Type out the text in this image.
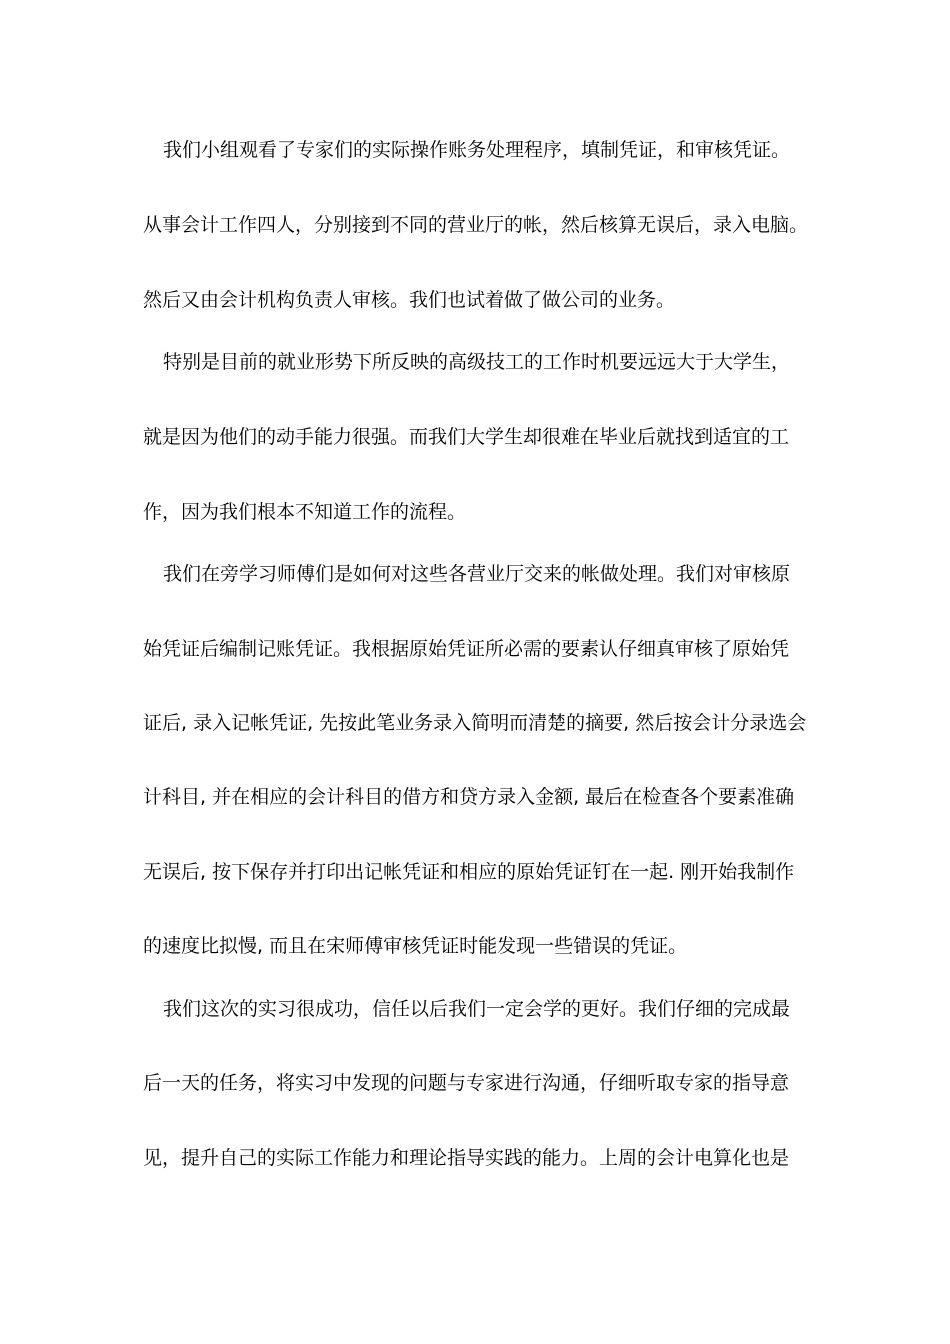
我们小组观看了专家们的实际操作账务处理程序，填制凭证，和审核凭证。
从事会计工作四人，分别接到不同的营业厅的帐，然后核算无误后，录入电脑。
然后又由会计机构负责人审核。我们也试着做了做公司的业务。
特别是目前的就业形势下所反映的高级技工的工作时机要远远大于大学生，
就是因为他们的动手能力很强。而我们大学生却很难在毕业后就找到适宜的工
作，因为我们根本不知道工作的流程。
我们在旁学习师傅们是如何对这些各营业厅交来的帐做处理。我们对审核原
始凭证后编制记账凭证。我根据原始凭证所必需的要素认仔细真审核了原始凭
证后, 录入记帐凭证, 先按此笔业务录入简明而清楚的摘要, 然后按会计分录选会
计科目, 并在相应的会计科目的借方和贷方录入金额, 最后在检查各个要素准确
无误后, 按下保存并打印出记帐凭证和相应的原始凭证钉在一起. 刚开始我制作
的速度比拟慢, 而且在宋师傅审核凭证时能发现一些错误的凭证。
我们这次的实习很成功，信任以后我们一定会学的更好。我们仔细的完成最
后一天的任务，将实习中发现的问题与专家进行沟通，仔细听取专家的指导意
见，提升自己的实际工作能力和理论指导实践的能力。上周的会计电算化也是
